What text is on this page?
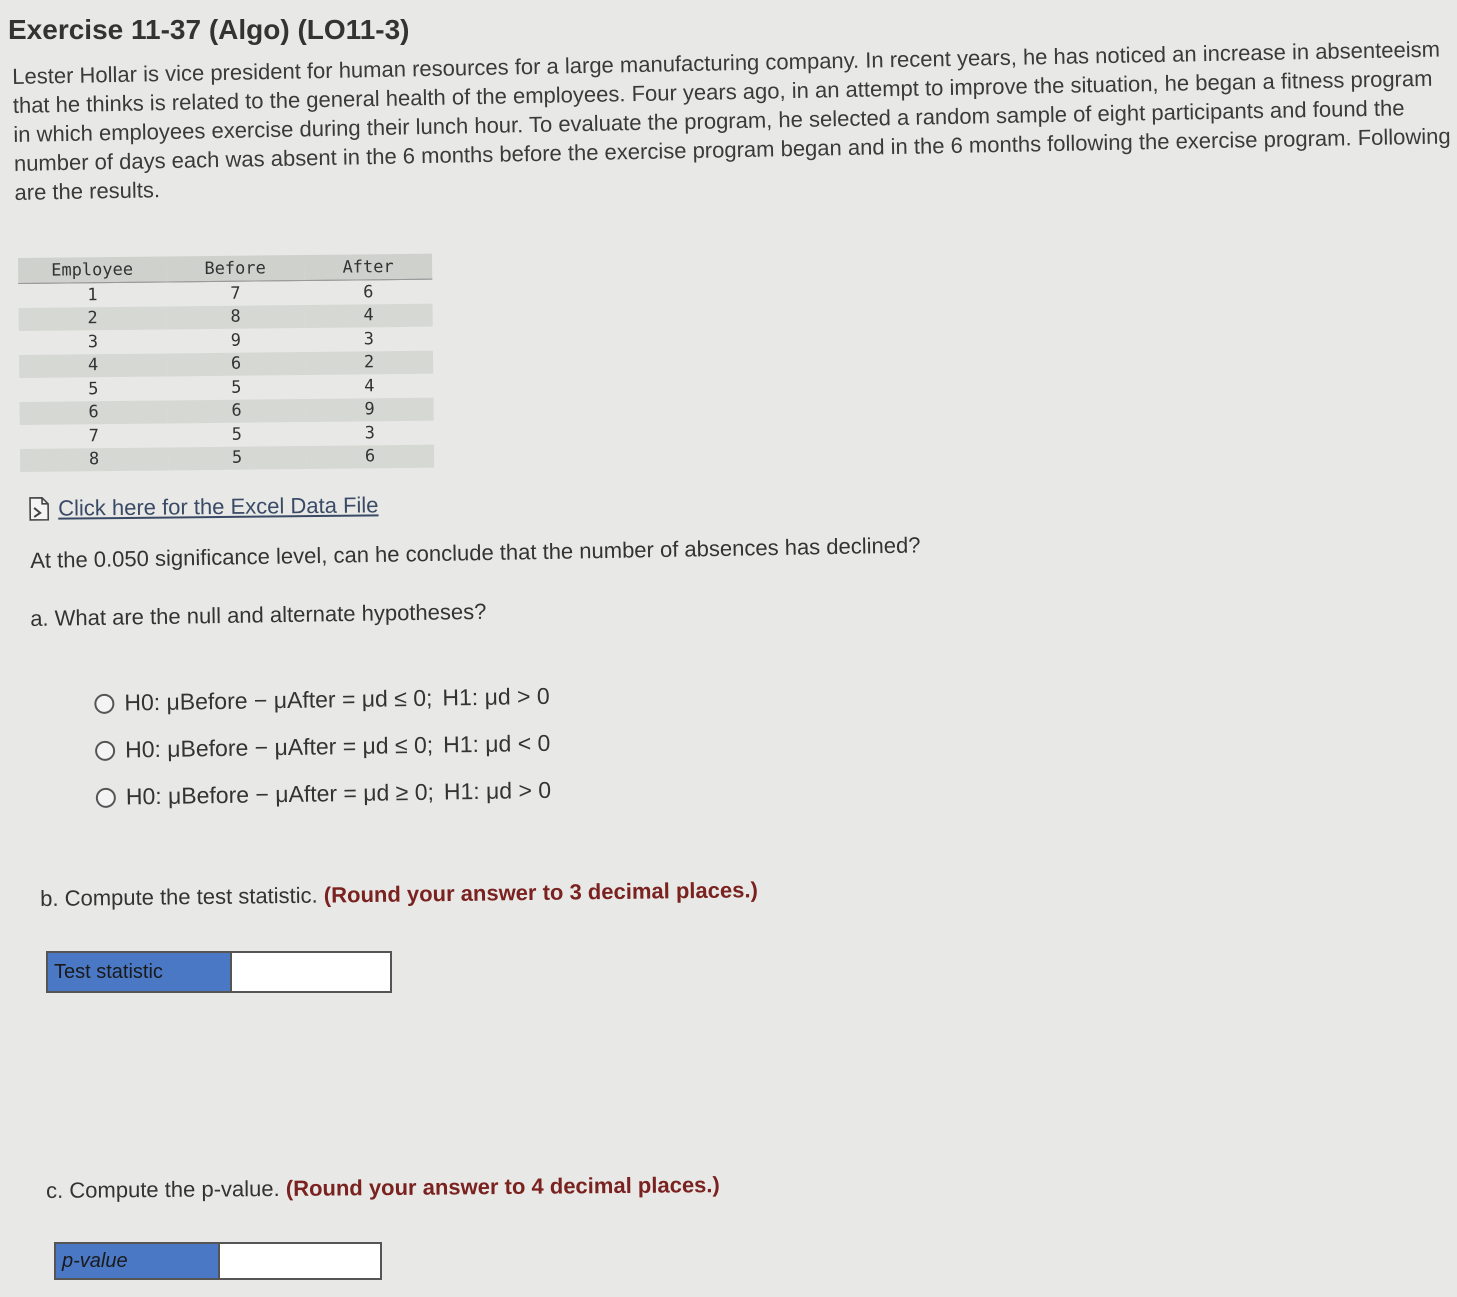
Exercise 11-37 (Algo) (LO11-3)
Lester Hollar is vice president for human resources for a large manufacturing company. In recent years, he has noticed an increase in absenteeism that he thinks is related to the general health of the employees. Four years ago, in an attempt to improve the situation, he began a fitness program in which employees exercise during their lunch hour. To evaluate the program, he selected a random sample of eight participants and found the number of days each was absent in the 6 months before the exercise program began and in the 6 months following the exercise program. Following are the results.
Employee	Before	After
1	7	6
2	8	4
3	9	3
4	6	2
5	5	4
6	6	9
7	5	3
8	5	6
Click here for the Excel Data File
At the 0.050 significance level, can he conclude that the number of absences has declined?
a. What are the null and alternate hypotheses?
H0: μBefore − μAfter = μd ≤ 0; H1: μd > 0
H0: μBefore − μAfter = μd ≤ 0; H1: μd < 0
H0: μBefore − μAfter = μd ≥ 0; H1: μd > 0
b. Compute the test statistic. (Round your answer to 3 decimal places.)
Test statistic
c. Compute the p-value. (Round your answer to 4 decimal places.)
p-value
